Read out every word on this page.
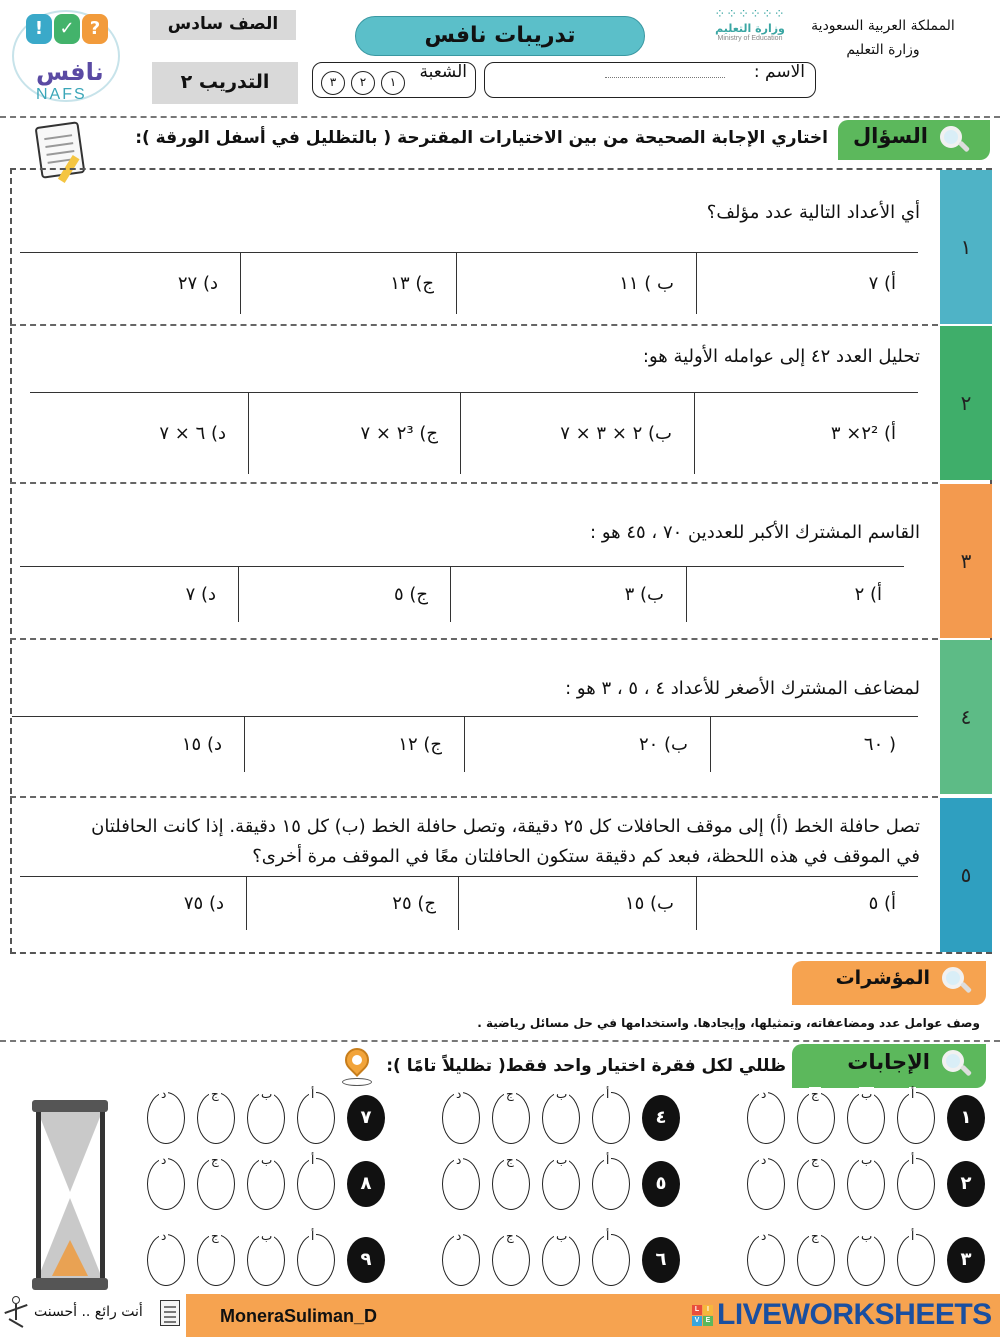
المملكة العربية السعودية
وزارة التعليم
⁘⁘⁘⁘⁘⁘
وزارة التعليم
Ministry of Education
تدريبات نافس
الصف سادس
التدريب ٢	الاسم :
الشعبة
١
٢
٣
?
✓
!
نافس
NAFS
السؤال
اختاري الإجابة الصحيحة من بين الاختيارات المقترحة ( بالتظليل في أسفل الورقة ):
١
أي الأعداد التالية عدد مؤلف؟
أ) ٧
ب ) ١١
ج) ١٣
د) ٢٧
٢
تحليل العدد ٤٢ إلى عوامله الأولية هو:
أ) ٢²× ٣
ب) ٢ × ٣ × ٧
ج) ٢³ × ٧
د) ٦ × ٧
٣
القاسم المشترك الأكبر للعددين ٧٠ ، ٤٥ هو :
أ) ٢
ب) ٣
ج) ٥
د) ٧
٤
لمضاعف المشترك الأصغر للأعداد ٤ ، ٥ ، ٣ هو :
( ٦٠
ب) ٢٠
ج) ١٢
د) ١٥
٥
تصل حافلة الخط (أ) إلى موقف الحافلات كل ٢٥ دقيقة، وتصل حافلة الخط (ب) كل ١٥ دقيقة. إذا كانت الحافلتان في الموقف في هذه اللحظة، فبعد كم دقيقة ستكون الحافلتان معًا في الموقف مرة أخرى؟
أ) ٥
ب) ١٥
ج) ٢٥
د) ٧٥
المؤشرات
وصف عوامل عدد ومضاعفاته، وتمثيلها، وإيجادها. واستخدامها في حل مسائل رياضية .
الإجابات
ظللي لكل فقرة اختيار واحد فقط( تظليلاً تامًا ):
١
أ
ب
ج
د
٢
أ
ب
ج
د
٣
أ
ب
ج
د
٤
أ
ب
ج
د
٥
أ
ب
ج
د
٦
أ
ب
ج
د
٧
أ
ب
ج
د
٨
أ
ب
ج
د
٩
أ
ب
ج
د
MoneraSuliman_D	L	I
V E LIVEWORKSHEETS
أنت رائع .. أحسنت
